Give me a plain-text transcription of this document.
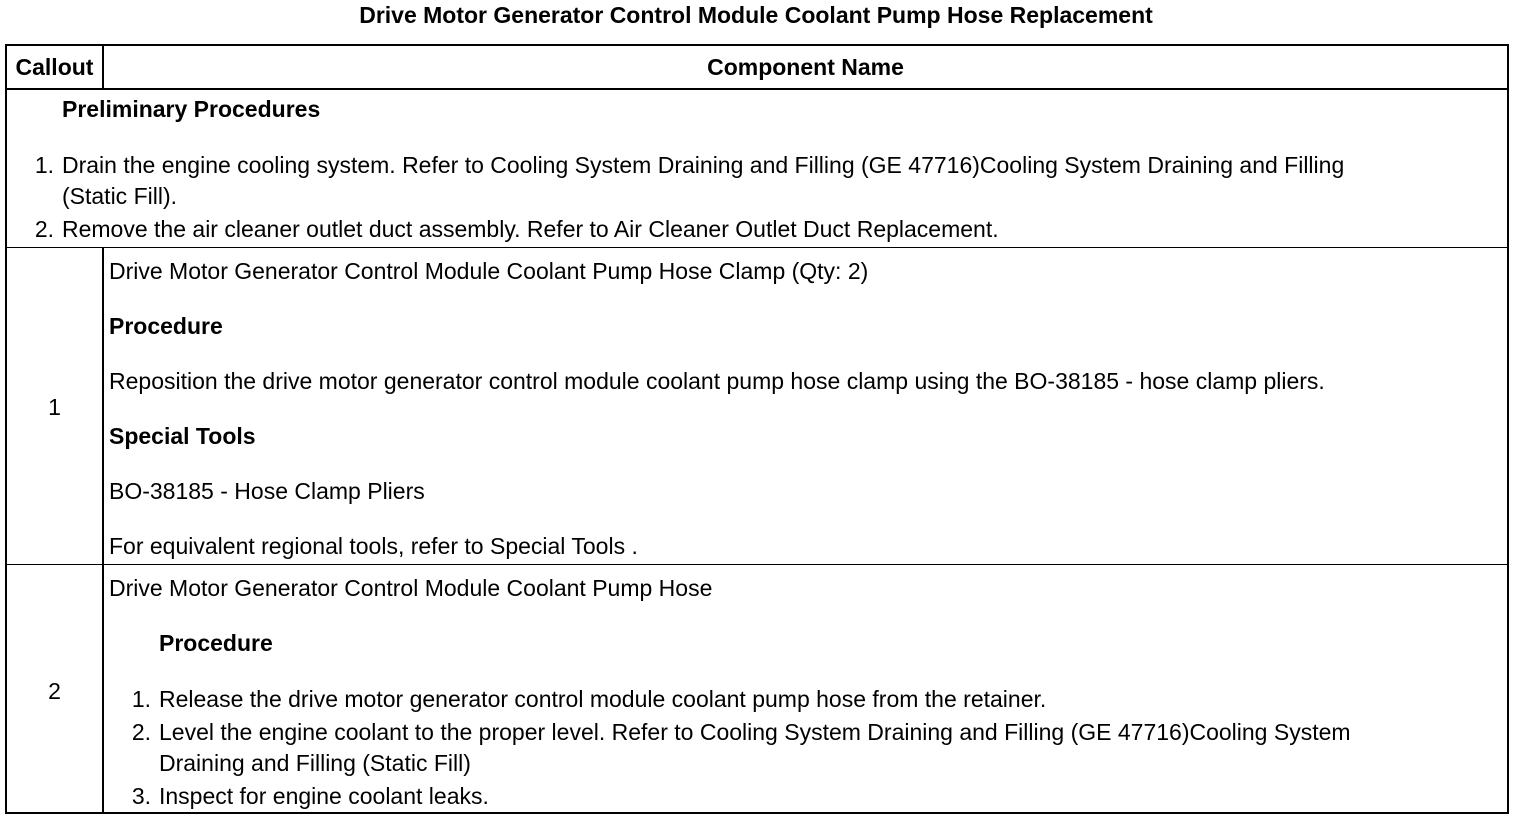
Drive Motor Generator Control Module Coolant Pump Hose Replacement
Callout	Component Name
Preliminary Procedures
1. Drain the engine cooling system. Refer to Cooling System Draining and Filling (GE 47716)Cooling System Draining and Filling
(Static Fill).
2. Remove the air cleaner outlet duct assembly. Refer to Air Cleaner Outlet Duct Replacement.
1
Drive Motor Generator Control Module Coolant Pump Hose Clamp (Qty: 2)
Procedure
Reposition the drive motor generator control module coolant pump hose clamp using the BO-38185 - hose clamp pliers.
Special Tools
BO-38185 - Hose Clamp Pliers
For equivalent regional tools, refer to Special Tools .
2
Drive Motor Generator Control Module Coolant Pump Hose
Procedure
1. Release the drive motor generator control module coolant pump hose from the retainer.
2. Level the engine coolant to the proper level. Refer to Cooling System Draining and Filling (GE 47716)Cooling System
Draining and Filling (Static Fill)
3. Inspect for engine coolant leaks.
